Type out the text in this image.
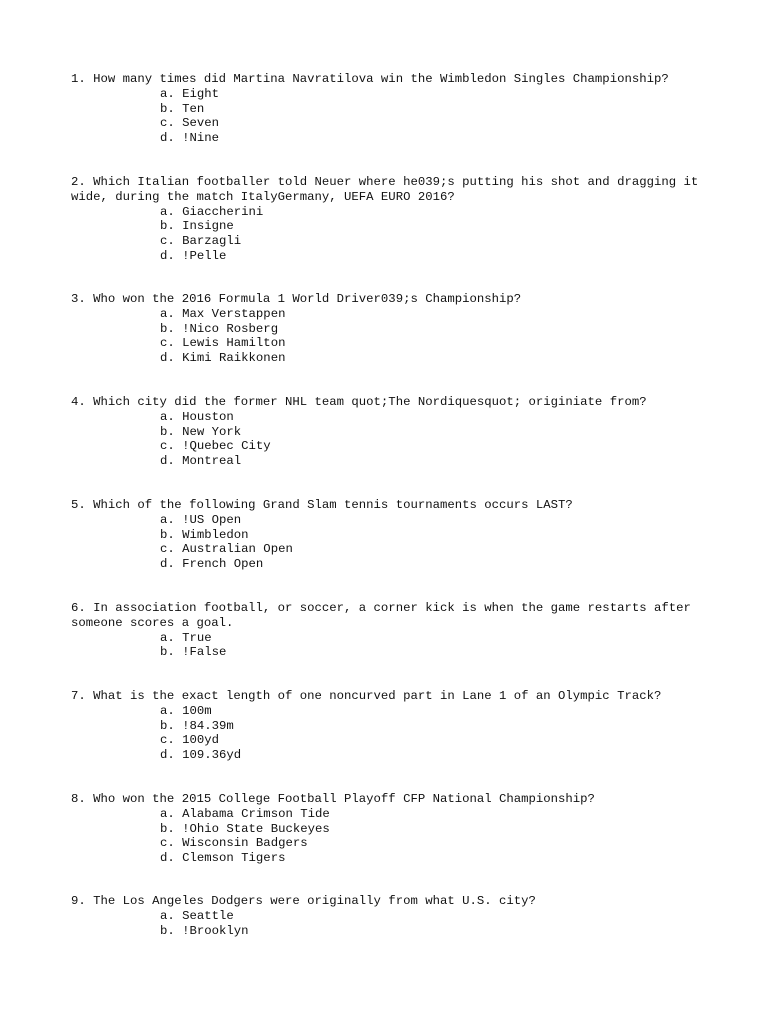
1. How many times did Martina Navratilova win the Wimbledon Singles Championship?

a. Eight

b. Ten

c. Seven

d. !Nine

2. Which Italian footballer told Neuer where he039;s putting his shot and dragging it wide, during the match ItalyGermany, UEFA EURO 2016?

a. Giaccherini

b. Insigne

c. Barzagli

d. !Pelle

3. Who won the 2016 Formula 1 World Driver039;s Championship?

a. Max Verstappen

b. !Nico Rosberg

c. Lewis Hamilton

d. Kimi Raikkonen

4. Which city did the former NHL team quot;The Nordiquesquot; originiate from?

a. Houston

b. New York

c. !Quebec City

d. Montreal

5. Which of the following Grand Slam tennis tournaments occurs LAST?

a. !US Open

b. Wimbledon

c. Australian Open

d. French Open

6. In association football, or soccer, a corner kick is when the game restarts after someone scores a goal.

a. True

b. !False

7. What is the exact length of one noncurved part in Lane 1 of an Olympic Track?

a. 100m

b. !84.39m

c. 100yd

d. 109.36yd

8. Who won the 2015 College Football Playoff CFP National Championship?

a. Alabama Crimson Tide

b. !Ohio State Buckeyes

c. Wisconsin Badgers

d. Clemson Tigers

9. The Los Angeles Dodgers were originally from what U.S. city?

a. Seattle

b. !Brooklyn
